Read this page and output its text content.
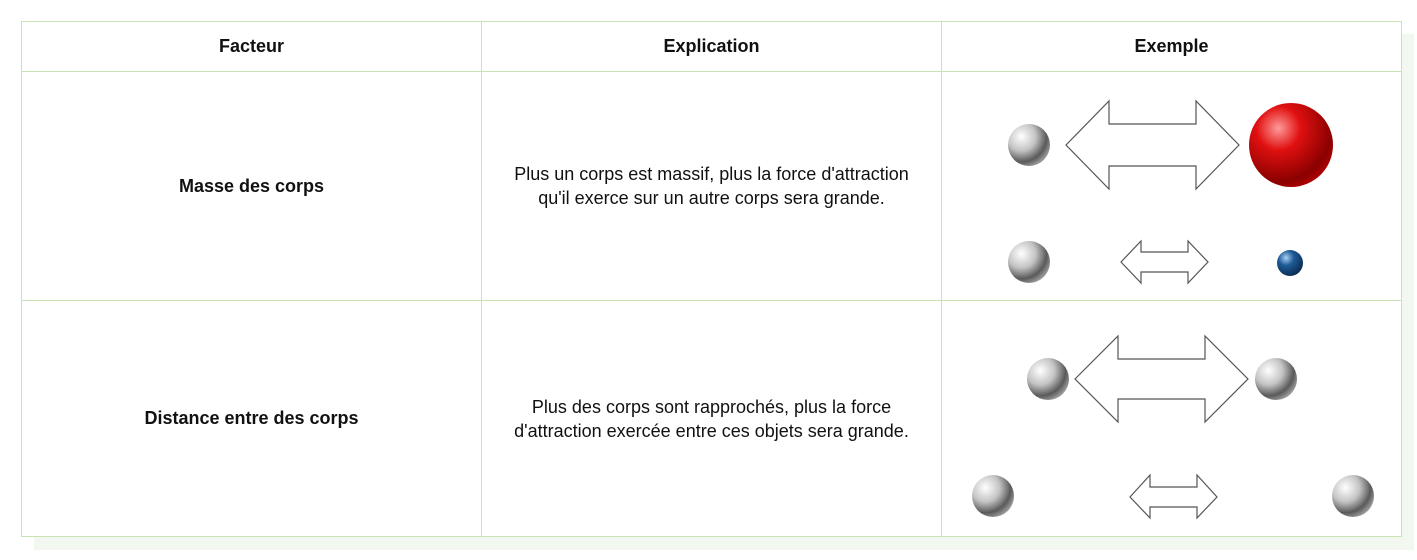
Facteur	Explication	Exemple
Masse des corps	Plus un corps est massif, plus la force d'attraction qu'il exerce sur un autre corps sera grande.	

Distance entre des corps	Plus des corps sont rapprochés, plus la force d'attraction exercée entre ces objets sera grande.	
